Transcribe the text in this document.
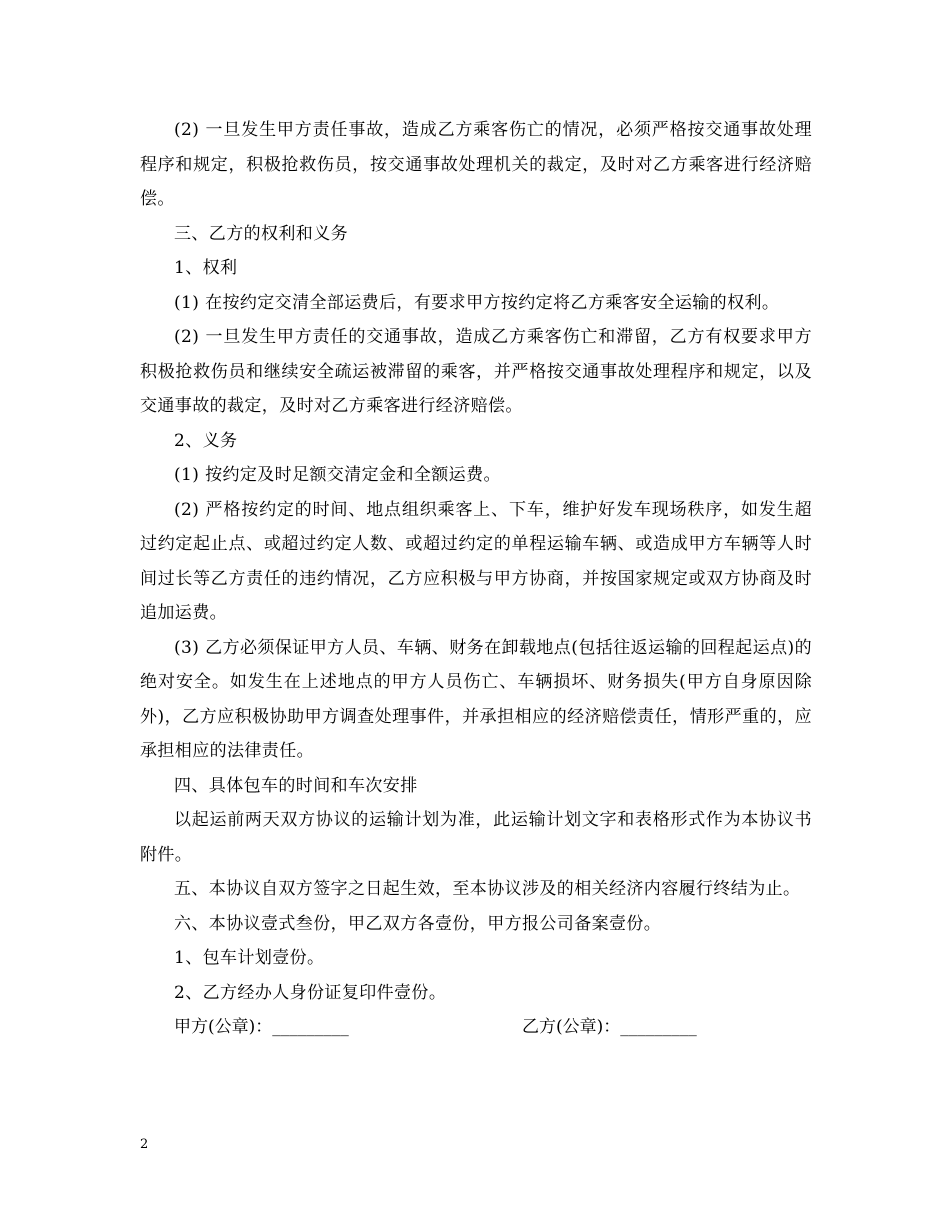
(2) 一旦发生甲方责任事故，造成乙方乘客伤亡的情况，必须严格按交通事故处理程序和规定，积极抢救伤员，按交通事故处理机关的裁定，及时对乙方乘客进行经济赔偿。

三、乙方的权利和义务

1、权利

(1) 在按约定交清全部运费后，有要求甲方按约定将乙方乘客安全运输的权利。

(2) 一旦发生甲方责任的交通事故，造成乙方乘客伤亡和滞留，乙方有权要求甲方积极抢救伤员和继续安全疏运被滞留的乘客，并严格按交通事故处理程序和规定，以及交通事故的裁定，及时对乙方乘客进行经济赔偿。

2、义务

(1) 按约定及时足额交清定金和全额运费。

(2) 严格按约定的时间、地点组织乘客上、下车，维护好发车现场秩序，如发生超过约定起止点、或超过约定人数、或超过约定的单程运输车辆、或造成甲方车辆等人时间过长等乙方责任的违约情况，乙方应积极与甲方协商，并按国家规定或双方协商及时追加运费。

(3) 乙方必须保证甲方人员、车辆、财务在卸载地点(包括往返运输的回程起运点)的绝对安全。如发生在上述地点的甲方人员伤亡、车辆损坏、财务损失(甲方自身原因除外)，乙方应积极协助甲方调查处理事件，并承担相应的经济赔偿责任，情形严重的，应承担相应的法律责任。

四、具体包车的时间和车次安排

以起运前两天双方协议的运输计划为准，此运输计划文字和表格形式作为本协议书附件。

五、本协议自双方签字之日起生效，至本协议涉及的相关经济内容履行终结为止。

六、本协议壹式叁份，甲乙双方各壹份，甲方报公司备案壹份。

1、包车计划壹份。

2、乙方经办人身份证复印件壹份。

甲方(公章)：_________	乙方(公章)：_________
2
